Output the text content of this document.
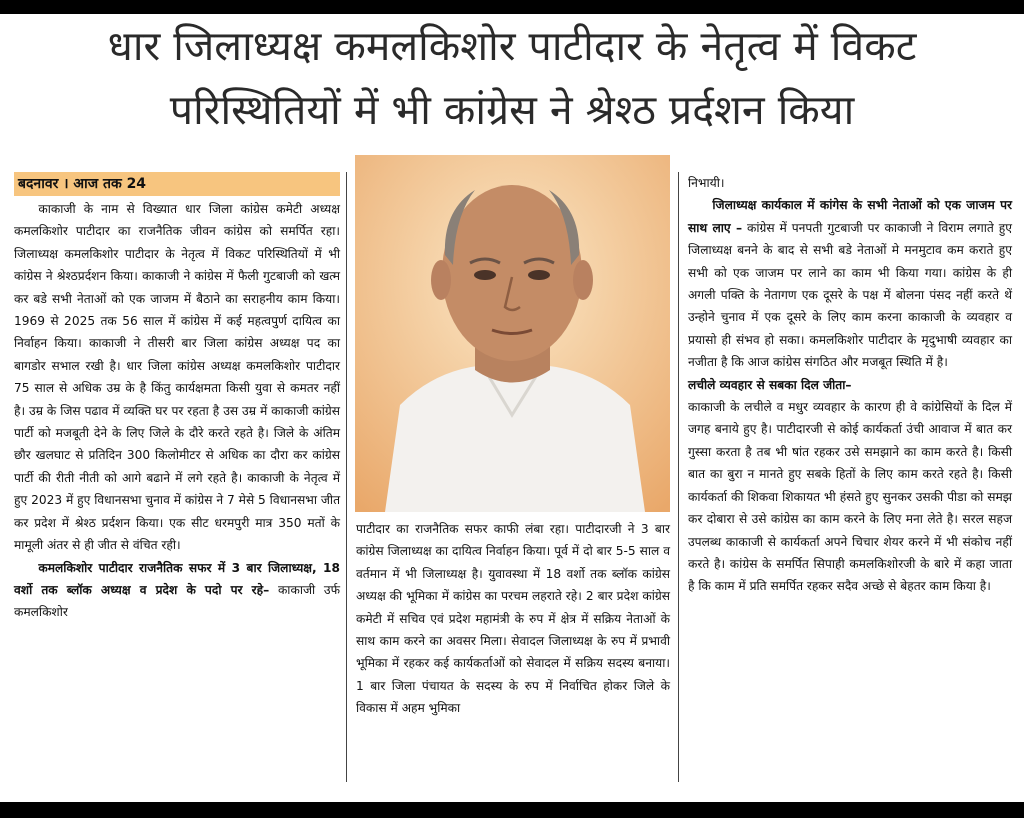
धार जिलाध्यक्ष कमलकिशोर पाटीदार के नेतृत्व में विकट
परिस्थितियों में भी कांग्रेस ने श्रेश्ठ प्रर्दशन किया
बदनावर । आज तक 24

काकाजी के नाम से विख्यात धार जिला कांग्रेस कमेटी अध्यक्ष कमलकिशोर पाटीदार का राजनैतिक जीवन कांग्रेस को समर्पित रहा। जिलाध्यक्ष कमलकिशोर पाटीदार के नेतृत्व में विकट परिस्थितियों में भी कांग्रेस ने श्रेश्ठप्रर्दशन किया। काकाजी ने कांग्रेस में फैली गुटबाजी को खत्म कर बडे सभी नेताओं को एक जाजम में बैठाने का सराहनीय काम किया। 1969 से 2025 तक 56 साल में कांग्रेस में कई महत्वपुर्ण दायित्व का निर्वाहन किया। काकाजी ने तीसरी बार जिला कांग्रेस अध्यक्ष पद का बागडोर सभाल रखी है। धार जिला कांग्रेस अध्यक्ष कमलकिशोर पाटीदार 75 साल से अधिक उम्र के है किंतु कार्यक्षमता किसी युवा से कमतर नहीं है। उम्र के जिस पढाव में व्यक्ति घर पर रहता है उस उम्र में काकाजी कांग्रेस पार्टी को मजबूती देने के लिए जिले के दौरे करते रहते है। जिले के अंतिम छौर खलघाट से प्रतिदिन 300 किलोमीटर से अधिक का दौरा कर कांग्रेस पार्टी की रीती नीती को आगे बढाने में लगे रहते है। काकाजी के नेतृत्व में हुए 2023 में हुए विधानसभा चुनाव में कांग्रेस ने 7 मेसे 5 विधानसभा जीत कर प्रदेश में श्रेश्ठ प्रर्दशन किया। एक सीट धरमपुरी मात्र 350 मतों के मामूली अंतर से ही जीत से वंचित रही।

कमलकिशोर पाटीदार राजनैतिक सफर में 3 बार जिलाध्यक्ष, 18 वर्शो तक ब्लॉक अध्यक्ष व प्रदेश के पदो पर रहे– काकाजी उर्फ कमलकिशोर

पाटीदार का राजनैतिक सफर काफी लंबा रहा। पाटीदारजी ने 3 बार कांग्रेस जिलाध्यक्ष का दायित्व निर्वाहन किया। पूर्व में दो बार 5-5 साल व वर्तमान में भी जिलाध्यक्ष है। युवावस्था में 18 वर्शो तक ब्लॉक कांग्रेस अध्यक्ष की भूमिका में कांग्रेस का परचम लहराते रहे। 2 बार प्रदेश कांग्रेस कमेटी में सचिव एवं प्रदेश महामंत्री के रुप में क्षेत्र में सक्रिय नेताओं के साथ काम करने का अवसर मिला। सेवादल जिलाध्यक्ष के रुप में प्रभावी भूमिका में रहकर कई कार्यकर्ताओं को सेवादल में सक्रिय सदस्य बनाया। 1 बार जिला पंचायत के सदस्य के रुप में निर्वाचित होकर जिले के विकास में अहम भुमिका

निभायी।

जिलाध्यक्ष कार्यकाल में कांगेस के सभी नेताओं को एक जाजम पर साथ लाए – कांग्रेस में पनपती गुटबाजी पर काकाजी ने विराम लगाते हुए जिलाध्यक्ष बनने के बाद से सभी बडे नेताओं मे मनमुटाव कम कराते हुए सभी को एक जाजम पर लाने का काम भी किया गया। कांग्रेस के ही अगली पक्ति के नेतागण एक दूसरे के पक्ष में बोलना पंसद नहीं करते थें उन्होने चुनाव में एक दूसरे के लिए काम करना काकाजी के व्यवहार व प्रयासो ही संभव हो सका। कमलकिशोर पाटीदार के मृदुभाषी व्यवहार का नजीता है कि आज कांग्रेस संगठित और मजबूत स्थिति में है।

लचीले व्यवहार से सबका दिल जीता–

काकाजी के लचीले व मधुर व्यवहार के कारण ही वे कांग्रेसियों के दिल में जगह बनाये हुए है। पाटीदारजी से कोई कार्यकर्ता उंची आवाज में बात कर गुस्सा करता है तब भी षांत रहकर उसे समझाने का काम करते है। किसी बात का बुरा न मानते हुए सबके हितों के लिए काम करते रहते है। किसी कार्यकर्ता की शिकवा शिकायत भी हंसते हुए सुनकर उसकी पीडा को समझ कर दोबारा से उसे कांग्रेस का काम करने के लिए मना लेते है। सरल सहज उपलब्ध काकाजी से कार्यकर्ता अपने चिचार शेयर करने में भी संकोच नहीं करते है। कांग्रेस के समर्पित सिपाही कमलकिशोरजी के बारे में कहा जाता है कि काम में प्रति समर्पित रहकर सदैव अच्छे से बेहतर काम किया है।
